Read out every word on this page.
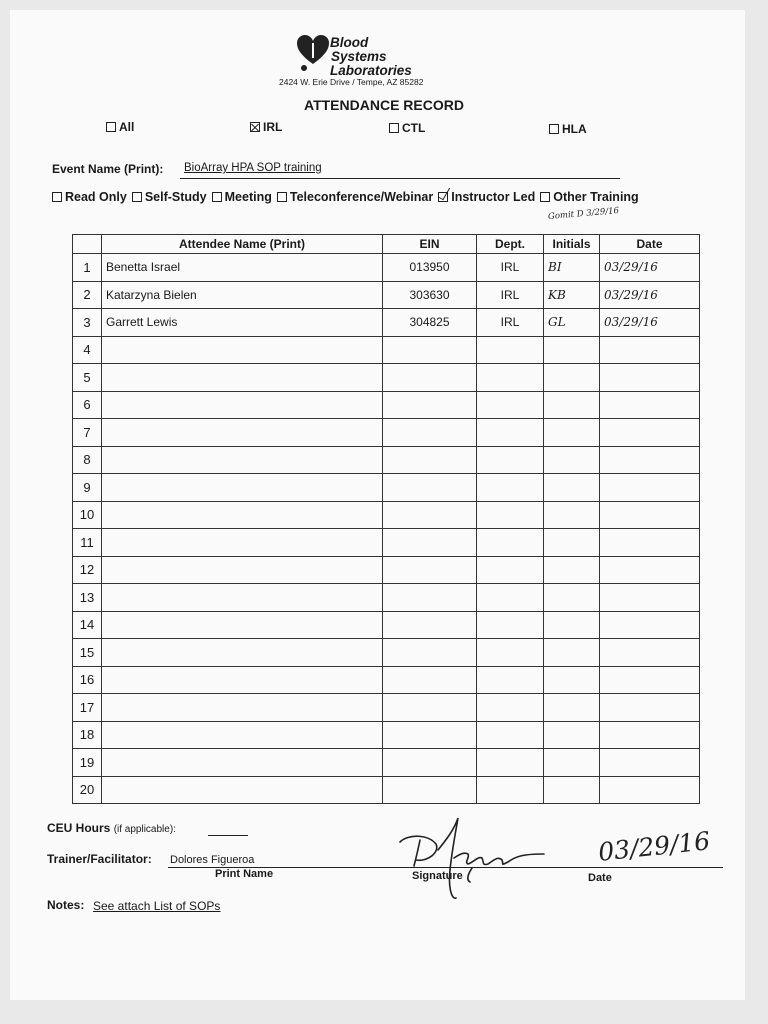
Blood
Systems
Laboratories
2424 W. Erie Drive / Tempe, AZ 85282
ATTENDANCE RECORD
All	IRL	CTL	HLA
Event Name (Print): BioArray HPA SOP training
Read Only Self-Study Meeting Teleconference/Webinar Instructor Led Other Training
Gomit D 3/29/16
	Attendee Name (Print)	EIN	Dept.	Initials	Date
1	Benetta Israel	013950	IRL	BI	03/29/16
2	Katarzyna Bielen	303630	IRL	KB	03/29/16
3	Garrett Lewis	304825	IRL	GL	03/29/16
4					
5					
6					
7					
8					
9					
10					
11					
12					
13					
14					
15					
16					
17					
18					
19					
20					
CEU Hours (if applicable):
Trainer/Facilitator: Dolores Figueroa
Print Name	Signature	Date
03/29/16
Notes: See attach List of SOPs
